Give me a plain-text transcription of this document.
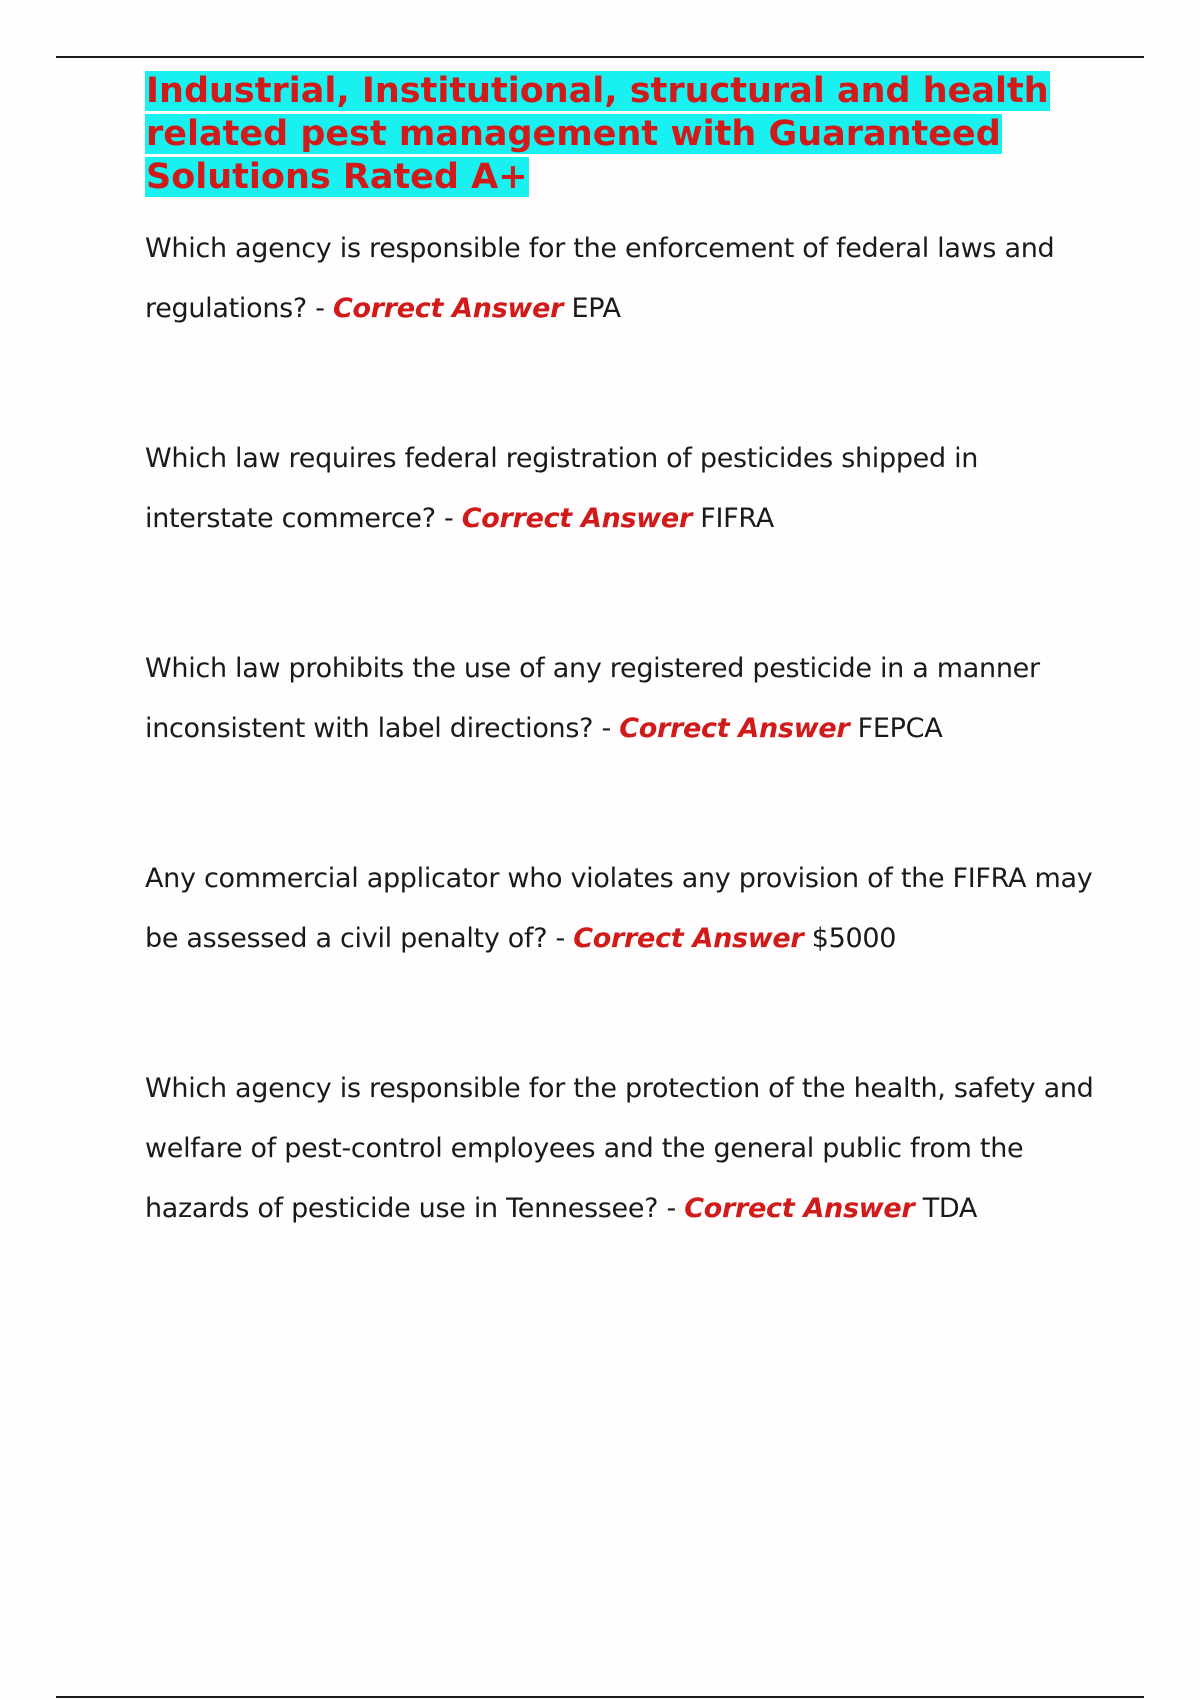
Industrial, Institutional, structural and health related pest management with Guaranteed Solutions Rated A+

Which agency is responsible for the enforcement of federal laws and regulations? - Correct Answer EPA

Which law requires federal registration of pesticides shipped in interstate commerce? - Correct Answer FIFRA

Which law prohibits the use of any registered pesticide in a manner inconsistent with label directions? - Correct Answer FEPCA

Any commercial applicator who violates any provision of the FIFRA may be assessed a civil penalty of? - Correct Answer $5000

Which agency is responsible for the protection of the health, safety and welfare of pest-control employees and the general public from the hazards of pesticide use in Tennessee? - Correct Answer TDA
